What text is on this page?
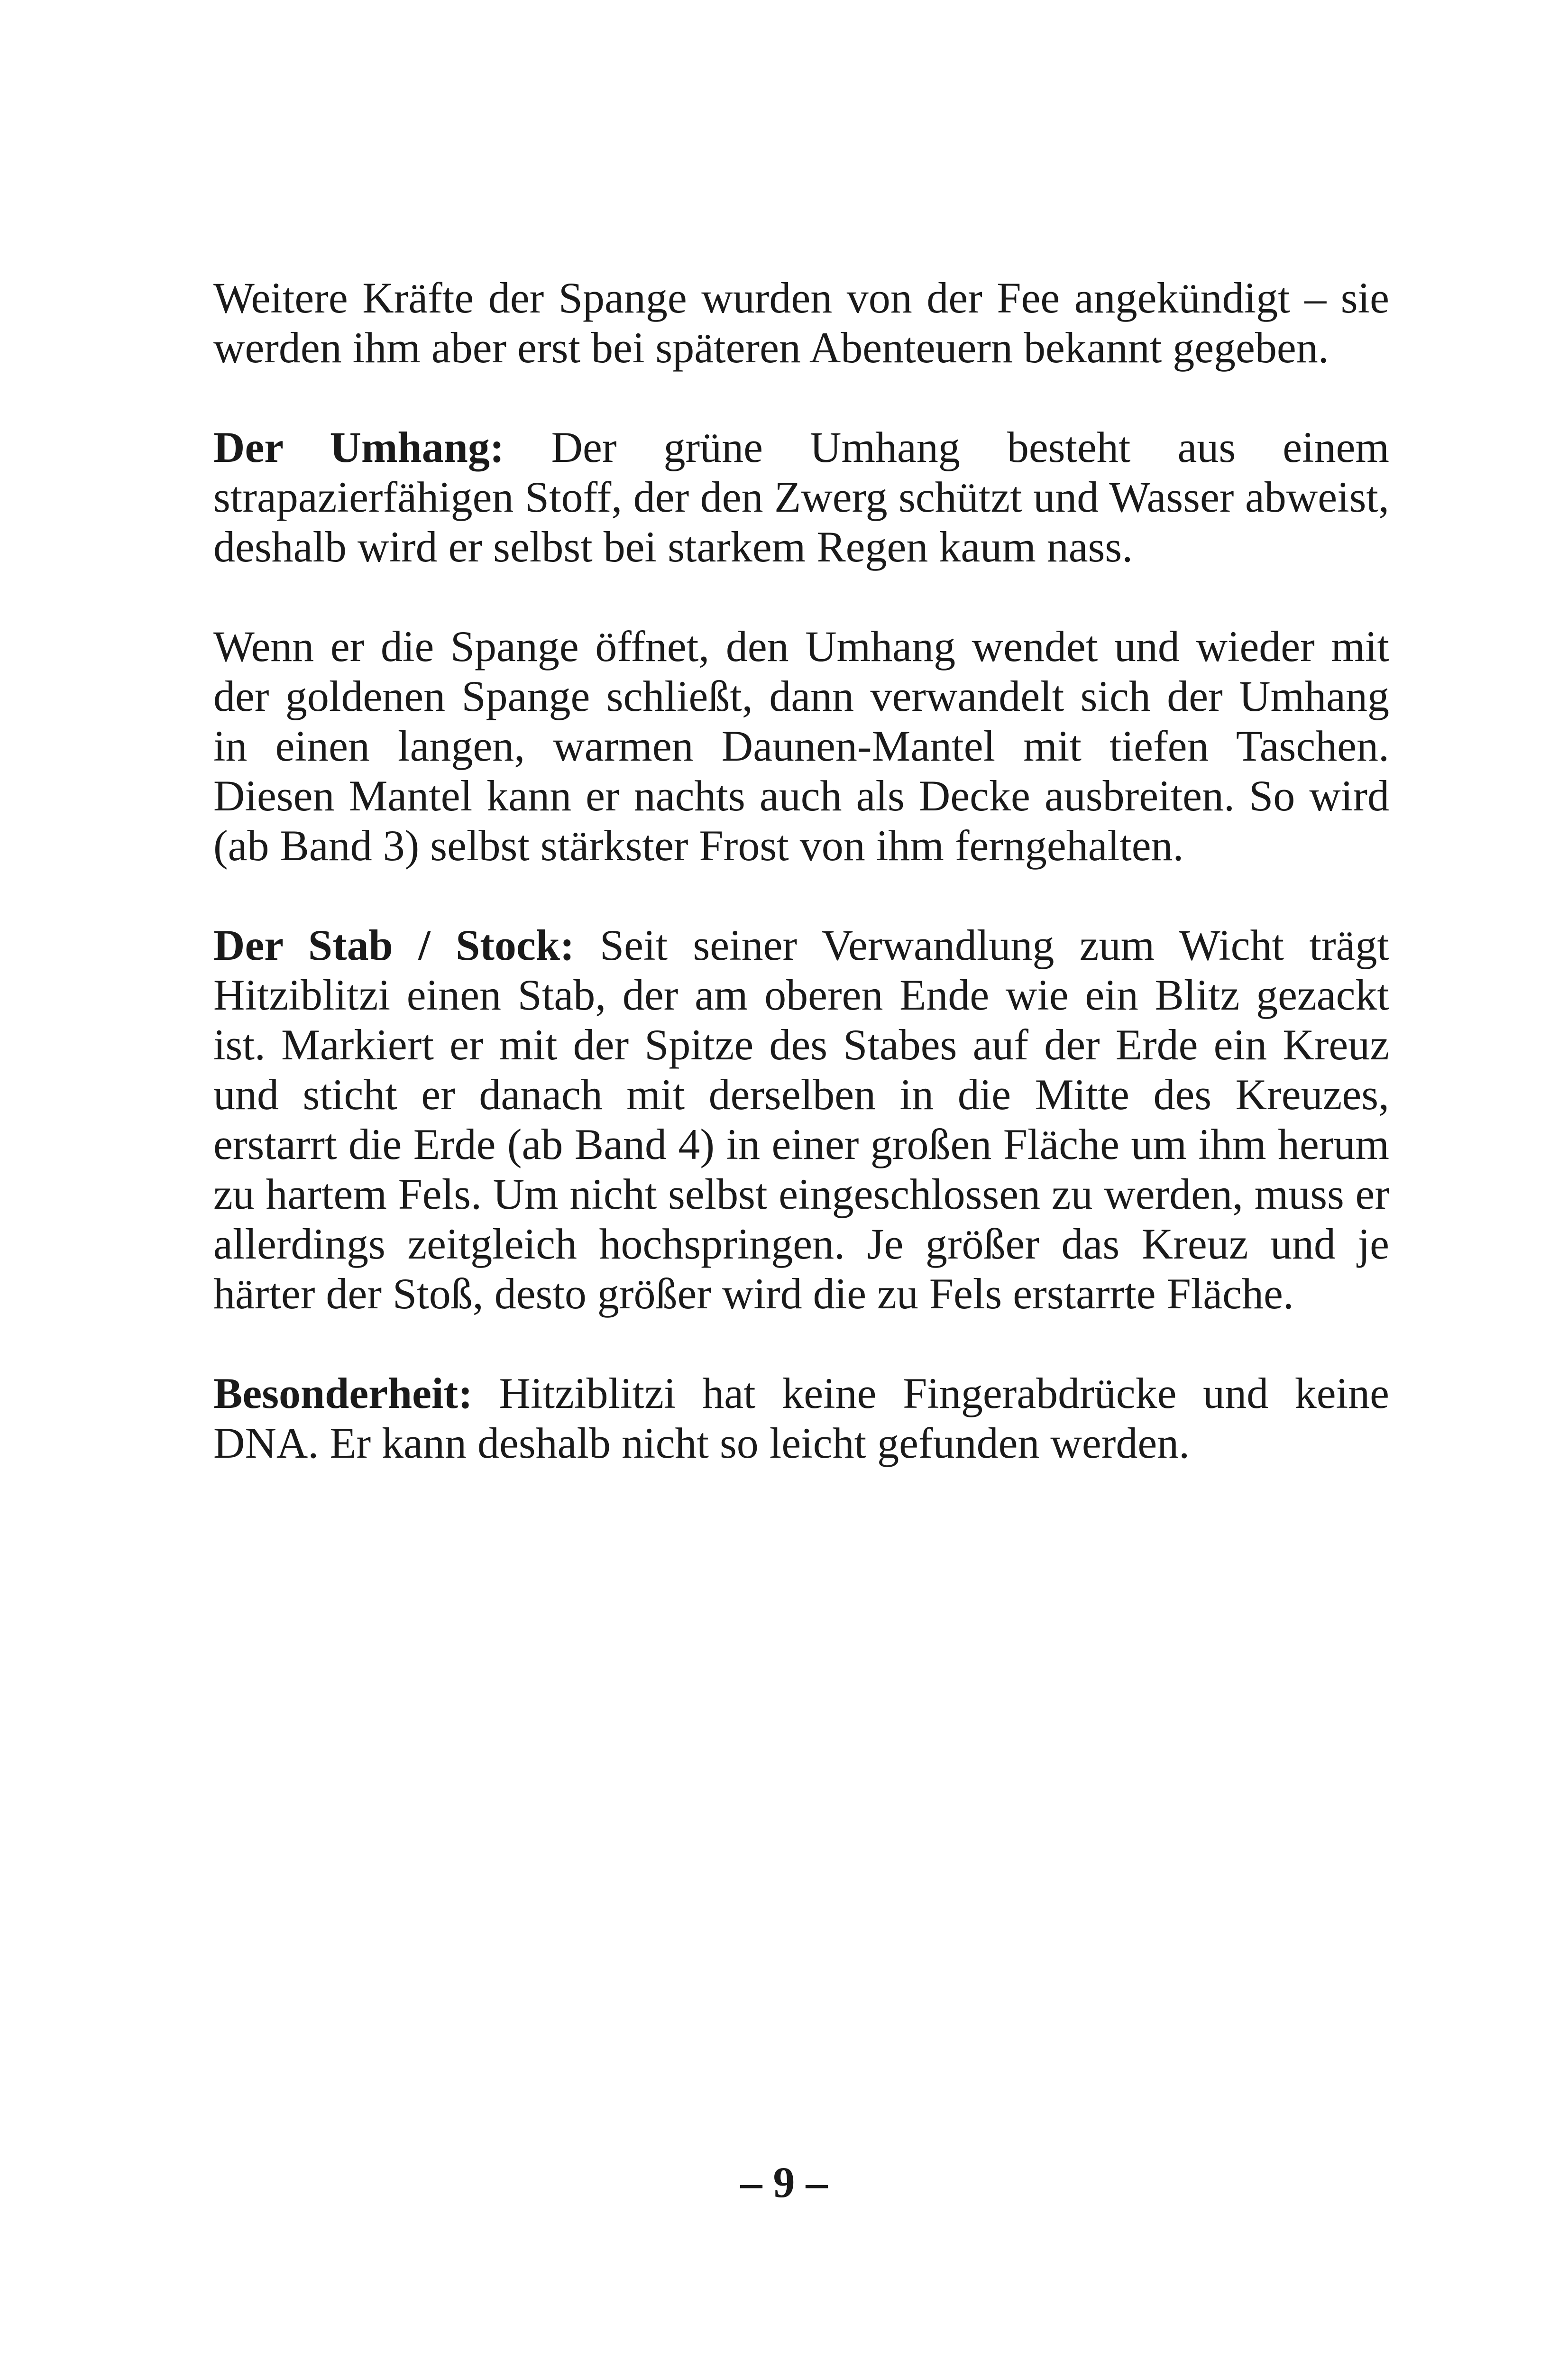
Weitere Kräfte der Spange wurden von der Fee angekündigt – sie werden ihm aber erst bei späteren Abenteuern bekannt gegeben.

Der Umhang: Der grüne Umhang besteht aus einem strapazierfähigen Stoff, der den Zwerg schützt und Wasser abweist, deshalb wird er selbst bei starkem Regen kaum nass.

Wenn er die Spange öffnet, den Umhang wendet und wieder mit der goldenen Spange schließt, dann verwandelt sich der Umhang in einen langen, warmen Daunen-Mantel mit tiefen Taschen. Diesen Mantel kann er nachts auch als Decke ausbreiten. So wird (ab Band 3) selbst stärkster Frost von ihm ferngehalten.

Der Stab / Stock: Seit seiner Verwandlung zum Wicht trägt Hitziblitzi einen Stab, der am oberen Ende wie ein Blitz gezackt ist. Markiert er mit der Spitze des Stabes auf der Erde ein Kreuz und sticht er danach mit derselben in die Mitte des Kreuzes, erstarrt die Erde (ab Band 4) in einer großen Fläche um ihm herum zu hartem Fels. Um nicht selbst eingeschlossen zu werden, muss er allerdings zeitgleich hochspringen. Je größer das Kreuz und je härter der Stoß, desto größer wird die zu Fels erstarrte Fläche.

Besonderheit: Hitziblitzi hat keine Fingerabdrücke und keine DNA. Er kann deshalb nicht so leicht gefunden werden.

– 9 –
